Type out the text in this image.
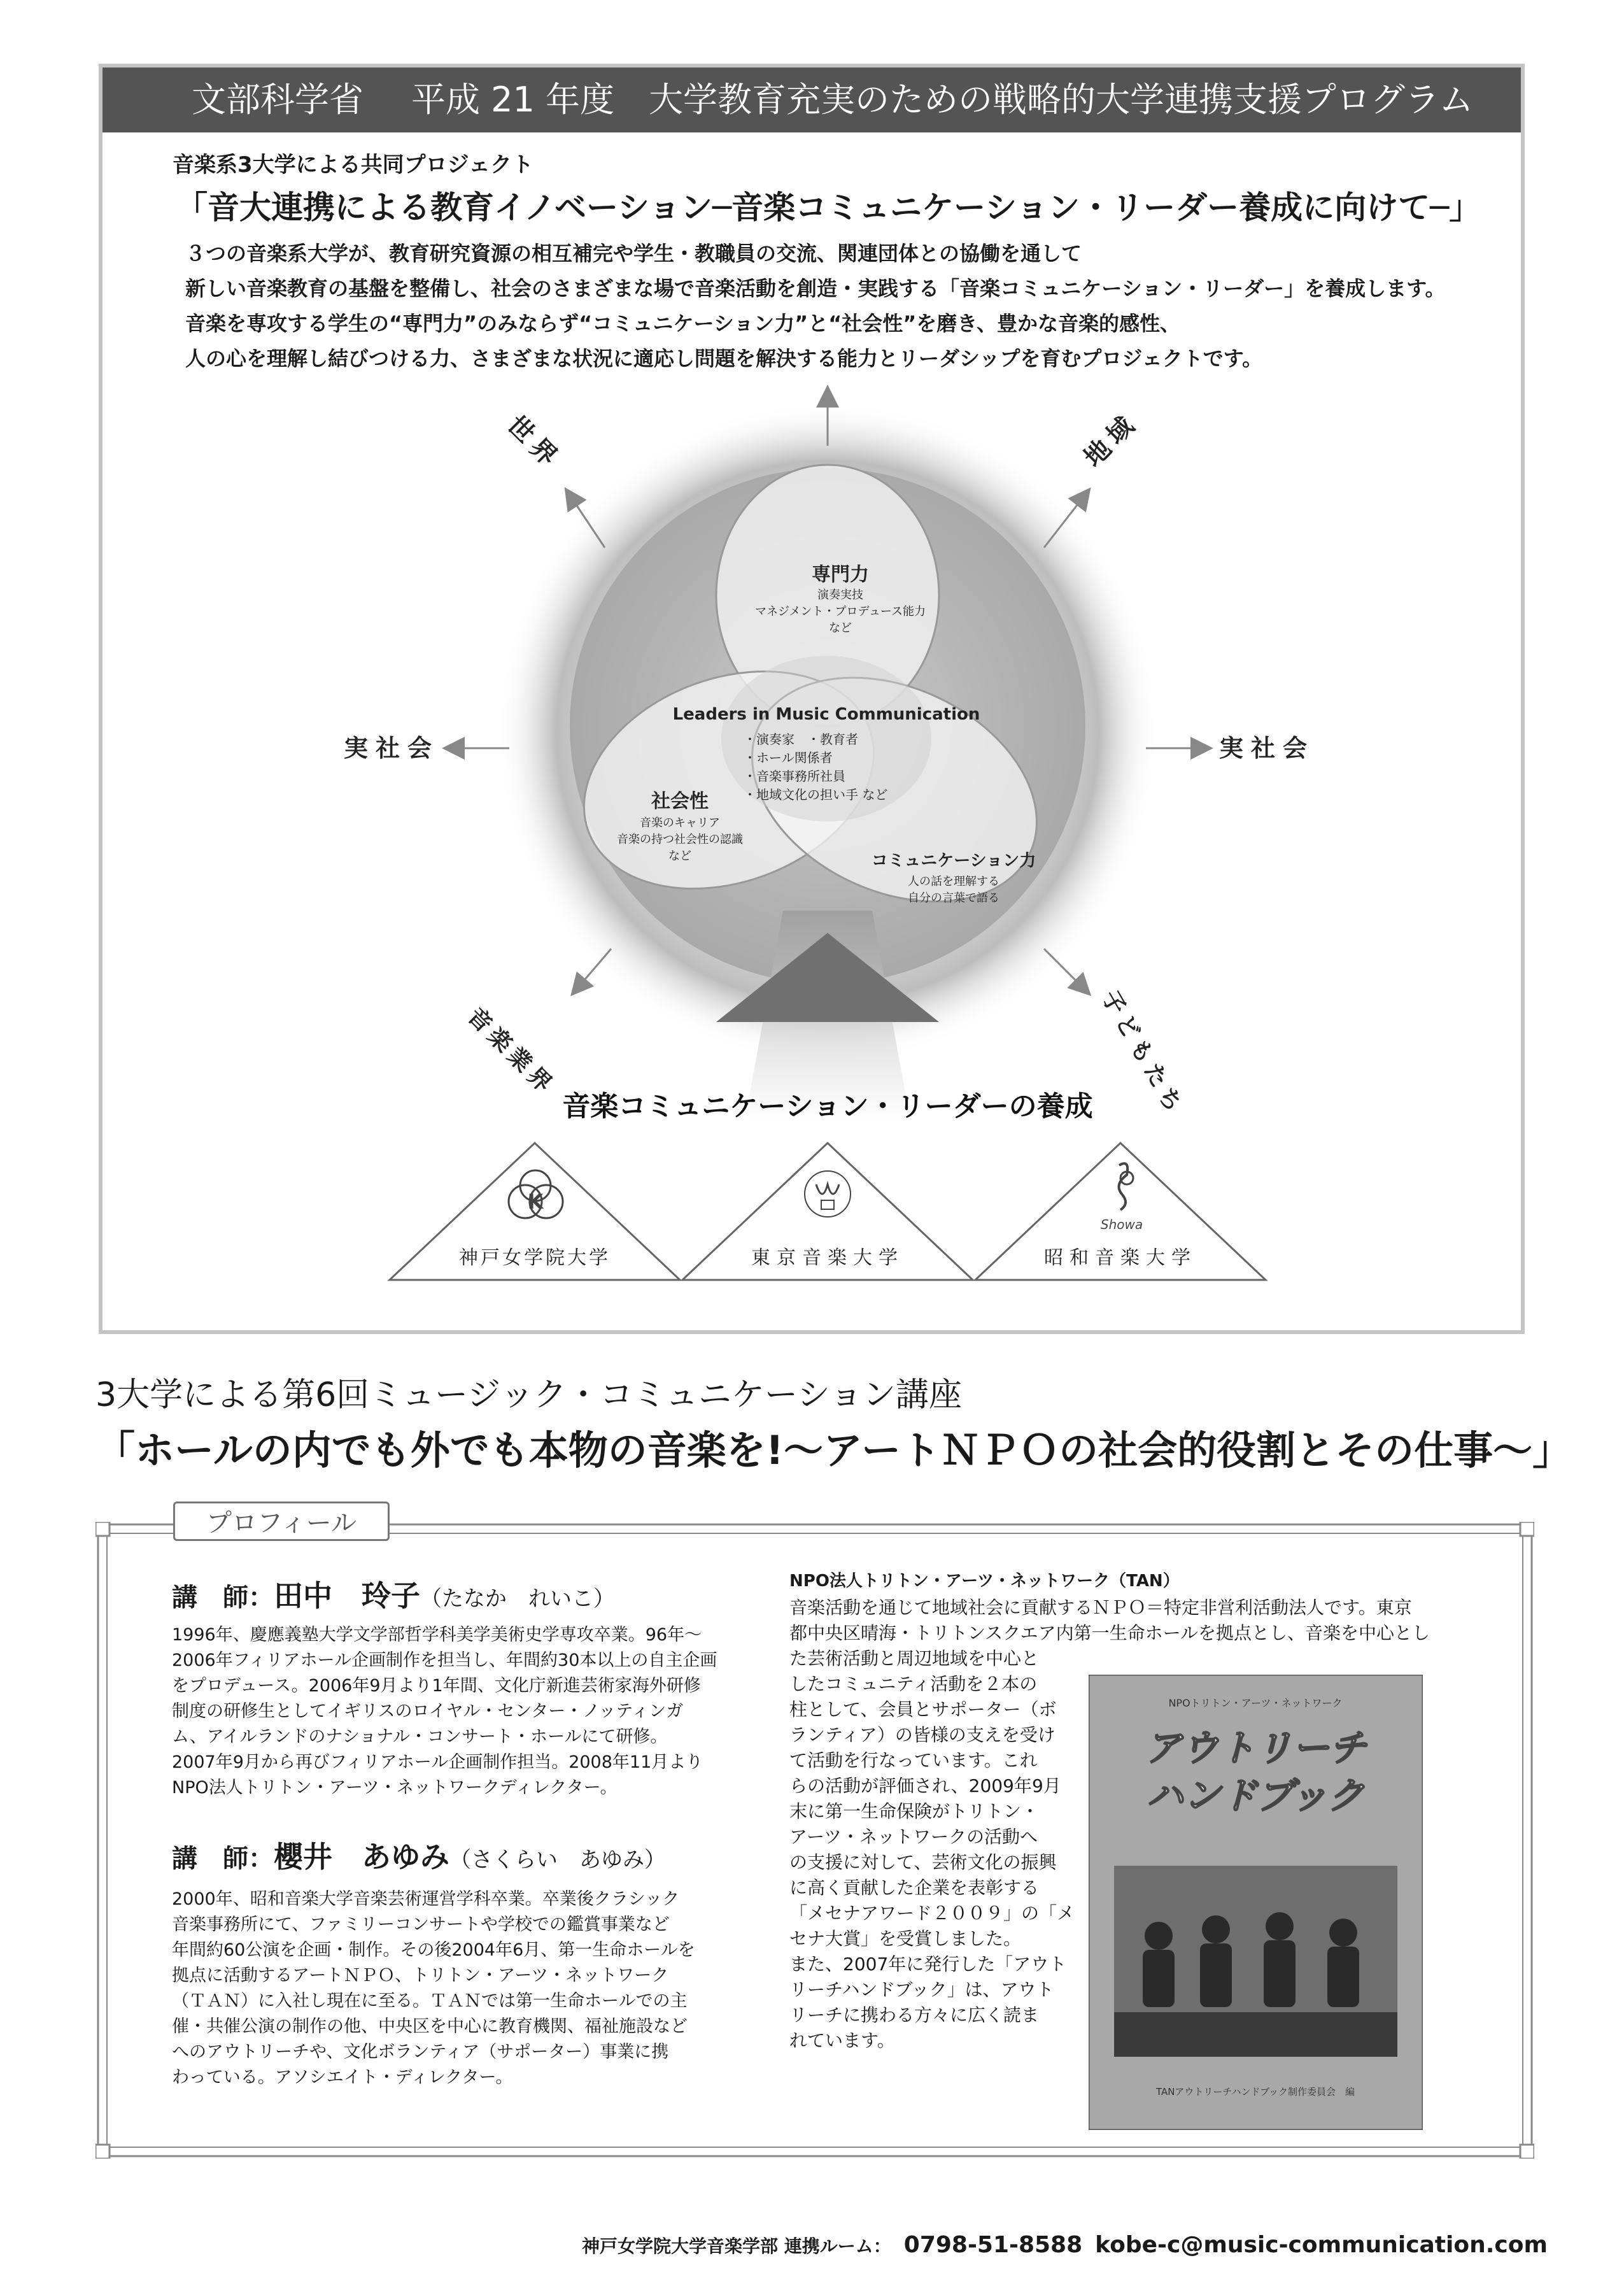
文部科学省 平成 21 年度　大学教育充実のための戦略的大学連携支援プログラム
音楽系3大学による共同プロジェクト
「音大連携による教育イノベーション─音楽コミュニケーション・リーダー養成に向けて─」
３つの音楽系大学が、教育研究資源の相互補完や学生・教職員の交流、関連団体との協働を通して
新しい音楽教育の基盤を整備し、社会のさまざまな場で音楽活動を創造・実践する「音楽コミュニケーション・リーダー」を養成します。
音楽を専攻する学生の“専門力”のみならず“コミュニケーション力”と“社会性”を磨き、豊かな音楽的感性、
人の心を理解し結びつける力、さまざまな状況に適応し問題を解決する能力とリーダシップを育むプロジェクトです。
世界	地域
実社会	実社会
音楽業界	子どもたち
専門力
演奏実技
マネジメント・プロデュース能力
など
Leaders in Music Communication
・演奏家　・教育者
・ホール関係者
・音楽事務所社員
・地域文化の担い手 など
社会性
音楽のキャリア
音楽の持つ社会性の認識
など	コミュニケーション力
人の話を理解する
自分の言葉で語る
音楽コミュニケーション・リーダーの養成
K
Showa
神戸女学院大学	東京音楽大学	昭和音楽大学
3大学による第6回ミュージック・コミュニケーション講座
「ホールの内でも外でも本物の音楽を!〜アートＮＰＯの社会的役割とその仕事〜」
プロフィール
講　師：田中　玲子（たなか　れいこ）
1996年、慶應義塾大学文学部哲学科美学美術史学専攻卒業。96年〜
2006年フィリアホール企画制作を担当し、年間約30本以上の自主企画
をプロデュース。2006年9月より1年間、文化庁新進芸術家海外研修
制度の研修生としてイギリスのロイヤル・センター・ノッティンガ
ム、アイルランドのナショナル・コンサート・ホールにて研修。
2007年9月から再びフィリアホール企画制作担当。2008年11月より
NPO法人トリトン・アーツ・ネットワークディレクター。
講　師：櫻井　あゆみ（さくらい　あゆみ）
2000年、昭和音楽大学音楽芸術運営学科卒業。卒業後クラシック
音楽事務所にて、ファミリーコンサートや学校での鑑賞事業など
年間約60公演を企画・制作。その後2004年6月、第一生命ホールを
拠点に活動するアートＮＰＯ、トリトン・アーツ・ネットワーク
（ＴＡＮ）に入社し現在に至る。ＴＡＮでは第一生命ホールでの主
催・共催公演の制作の他、中央区を中心に教育機関、福祉施設など
へのアウトリーチや、文化ボランティア（サポーター）事業に携
わっている。アソシエイト・ディレクター。
NPO法人トリトン・アーツ・ネットワーク（TAN）
音楽活動を通じて地域社会に貢献するＮＰＯ＝特定非営利活動法人です。東京
都中央区晴海・トリトンスクエア内第一生命ホールを拠点とし、音楽を中心とし
た芸術活動と周辺地域を中心と
したコミュニティ活動を２本の
柱として、会員とサポーター（ボ
ランティア）の皆様の支えを受け
て活動を行なっています。これ
らの活動が評価され、2009年9月
末に第一生命保険がトリトン・
アーツ・ネットワークの活動へ
の支援に対して、芸術文化の振興
に高く貢献した企業を表彰する
「メセナアワード２００９」の「メ
セナ大賞」を受賞しました。
また、2007年に発行した「アウト
リーチハンドブック」は、アウト
リーチに携わる方々に広く読ま
れています。
NPOトリトン・アーツ・ネットワーク
アウトリーチ
ハンドブック
TANアウトリーチハンドブック制作委員会　編
神戸女学院大学音楽学部 連携ルーム： 0798-51-8588 kobe-c@music-communication.com
